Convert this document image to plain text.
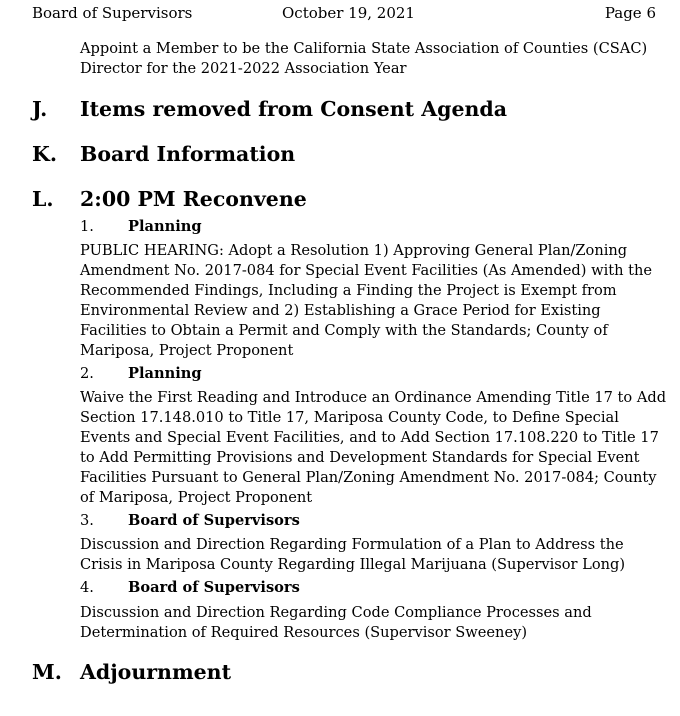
Board of Supervisors	October 19, 2021	Page 6
Appoint a Member to be the California State Association of Counties (CSAC) Director for the 2021-2022 Association Year
J. Items removed from Consent Agenda
K. Board Information
L. 2:00 PM Reconvene
1. Planning
PUBLIC HEARING: Adopt a Resolution 1) Approving General Plan/Zoning Amendment No. 2017-084 for Special Event Facilities (As Amended) with the Recommended Findings, Including a Finding the Project is Exempt from Environmental Review and 2) Establishing a Grace Period for Existing Facilities to Obtain a Permit and Comply with the Standards; County of Mariposa, Project Proponent
2. Planning
Waive the First Reading and Introduce an Ordinance Amending Title 17 to Add Section 17.148.010 to Title 17, Mariposa County Code, to Define Special Events and Special Event Facilities, and to Add Section 17.108.220 to Title 17 to Add Permitting Provisions and Development Standards for Special Event Facilities Pursuant to General Plan/Zoning Amendment No. 2017-084; County of Mariposa, Project Proponent
3. Board of Supervisors
Discussion and Direction Regarding Formulation of a Plan to Address the Crisis in Mariposa County Regarding Illegal Marijuana (Supervisor Long)
4. Board of Supervisors
Discussion and Direction Regarding Code Compliance Processes and Determination of Required Resources (Supervisor Sweeney)
M. Adjournment
